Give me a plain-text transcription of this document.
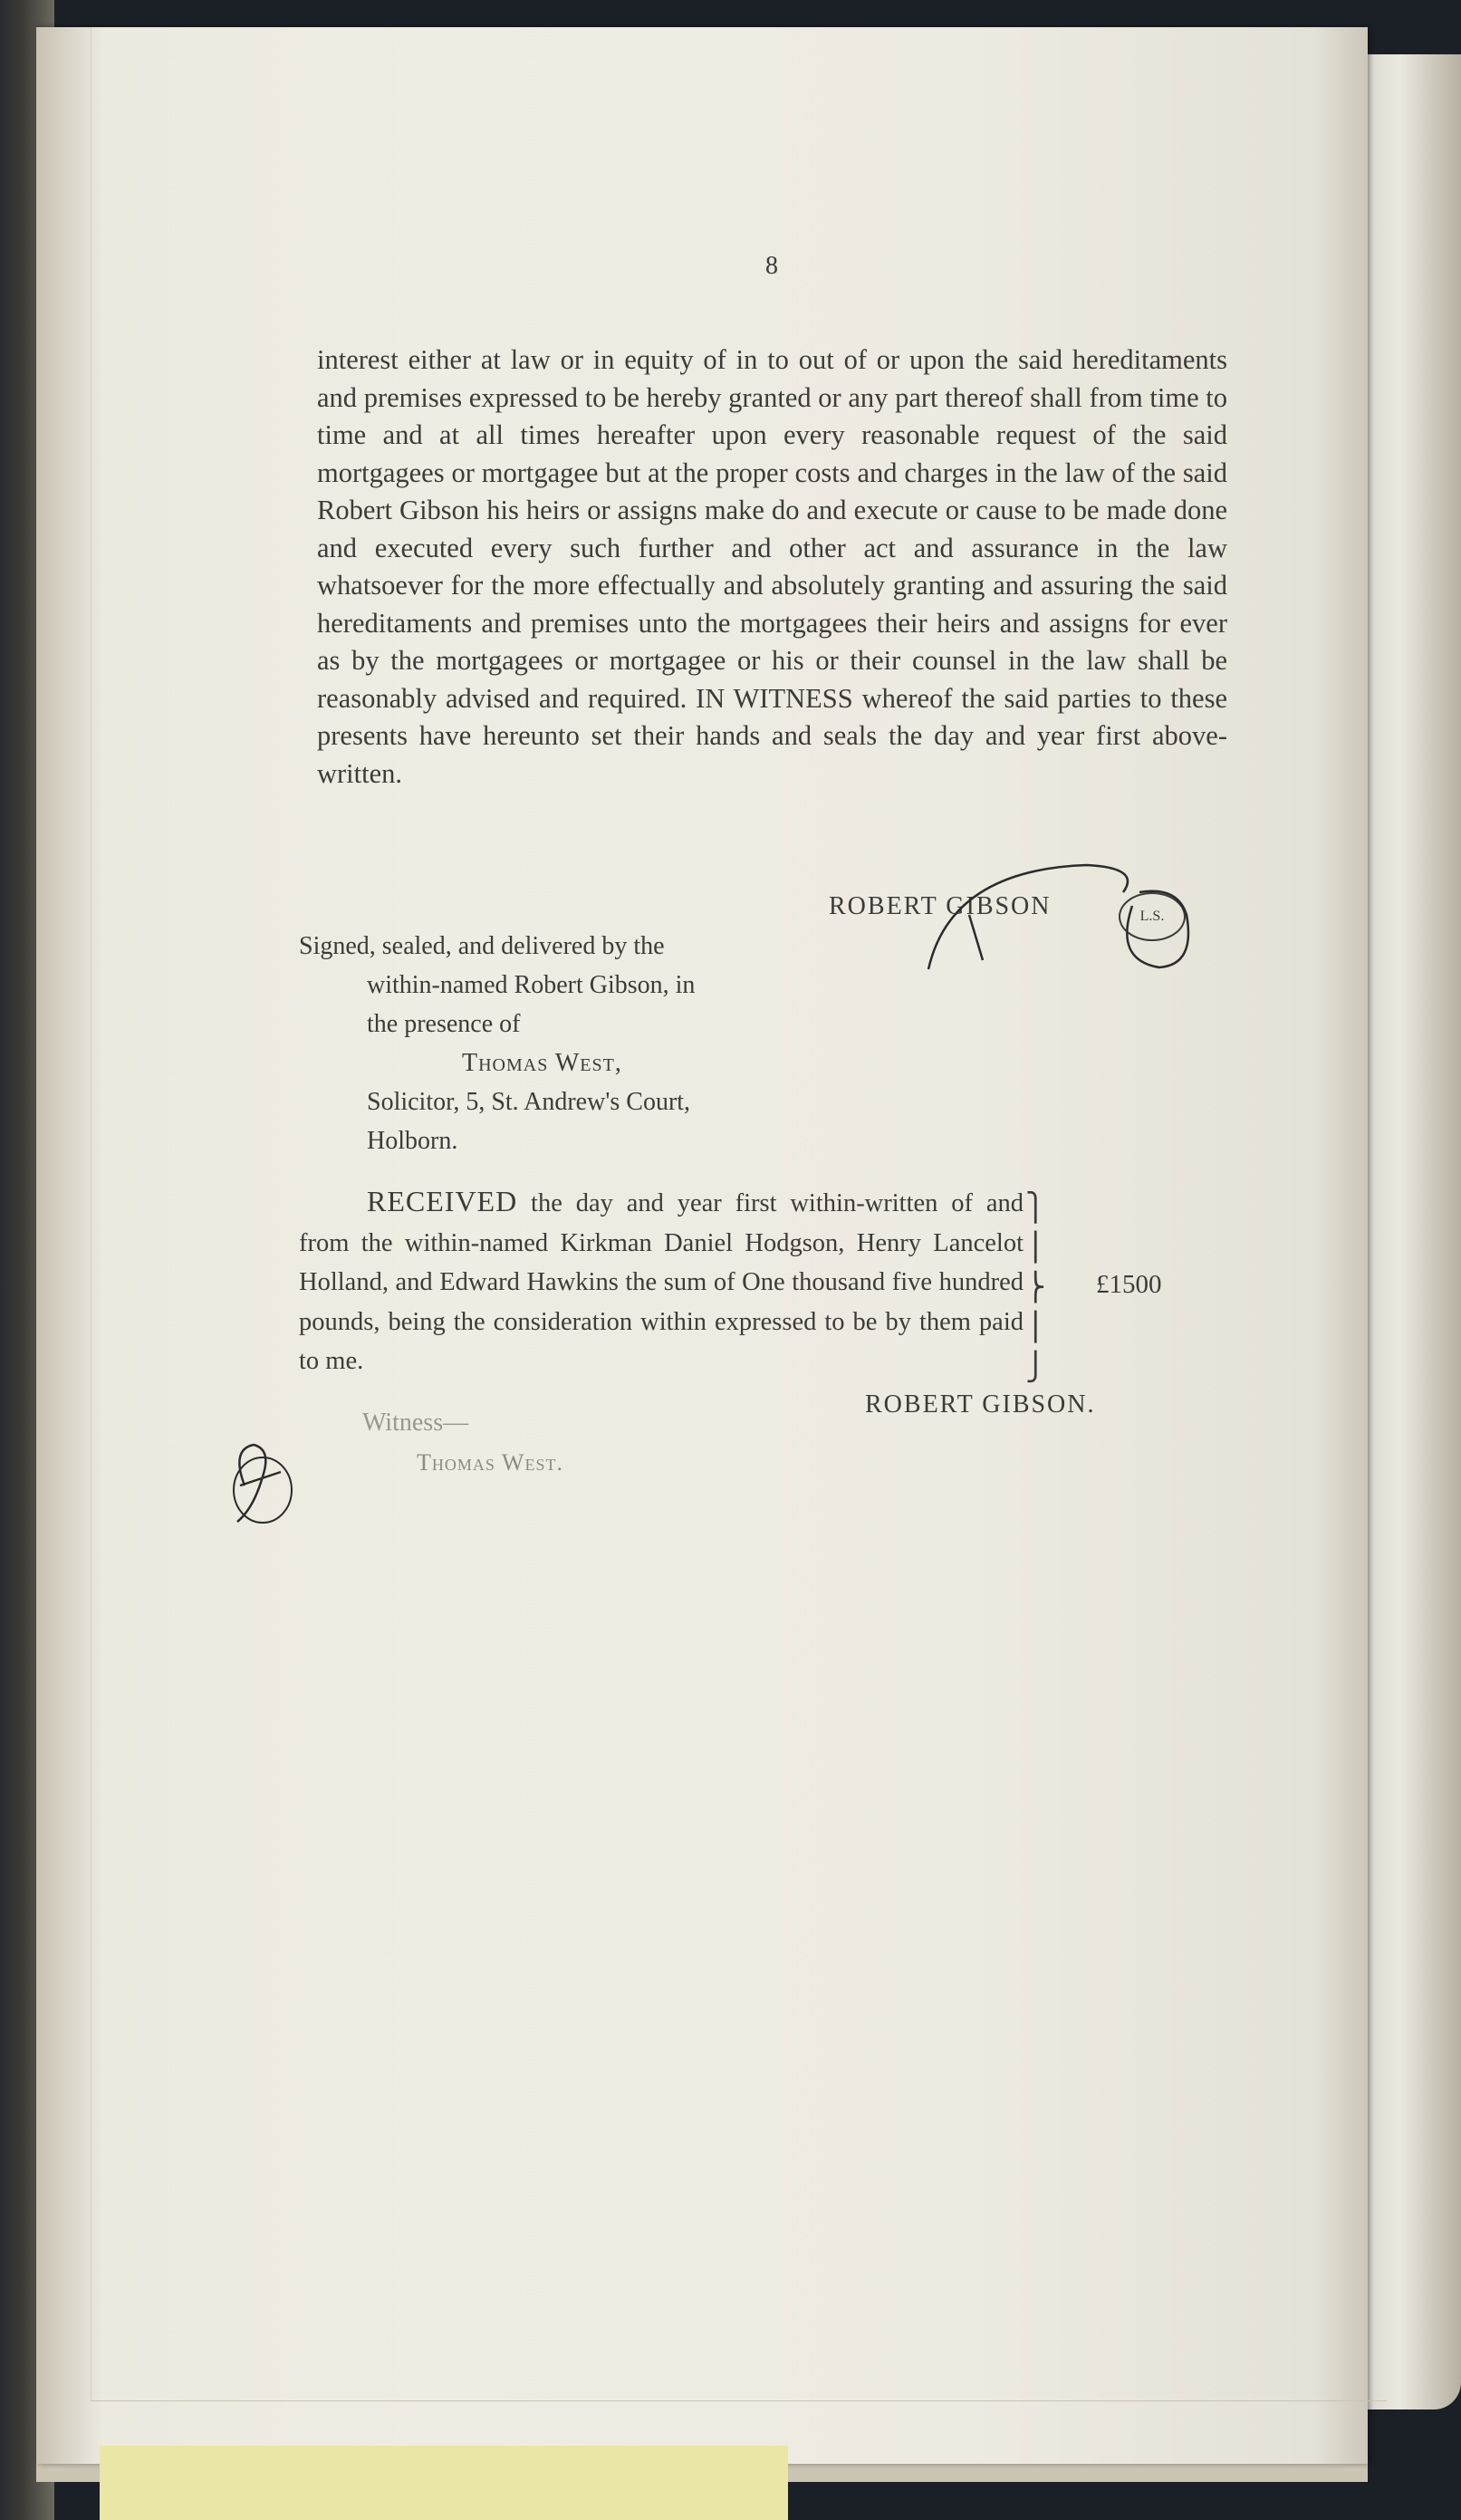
8
interest either at law or in equity of in to out of or upon the said hereditaments and premises expressed to be hereby granted or any part thereof shall from time to time and at all times hereafter upon every reasonable request of the said mortgagees or mortgagee but at the proper costs and charges in the law of the said Robert Gibson his heirs or assigns make do and execute or cause to be made done and executed every such further and other act and assurance in the law whatsoever for the more effectually and absolutely granting and assuring the said hereditaments and premises unto the mortgagees their heirs and assigns for ever as by the mortgagees or mortgagee or his or their counsel in the law shall be reasonably advised and required. IN WITNESS whereof the said parties to these presents have hereunto set their hands and seals the day and year first above-written.
ROBERT GIBSON	L.S.
Signed, sealed, and delivered by the
within-named Robert Gibson, in
the presence of
Thomas West,
Solicitor, 5, St. Andrew's Court,
Holborn.
RECEIVED the day and year first within-written of and from the within-named Kirkman Daniel Hodgson, Henry Lancelot Holland, and Edward Hawkins the sum of One thousand five hundred pounds, being the consideration within expressed to be by them paid to me.
⎫
⎪
⎬
⎪
⎭
£1500
ROBERT GIBSON.
Witness—
Thomas West.
